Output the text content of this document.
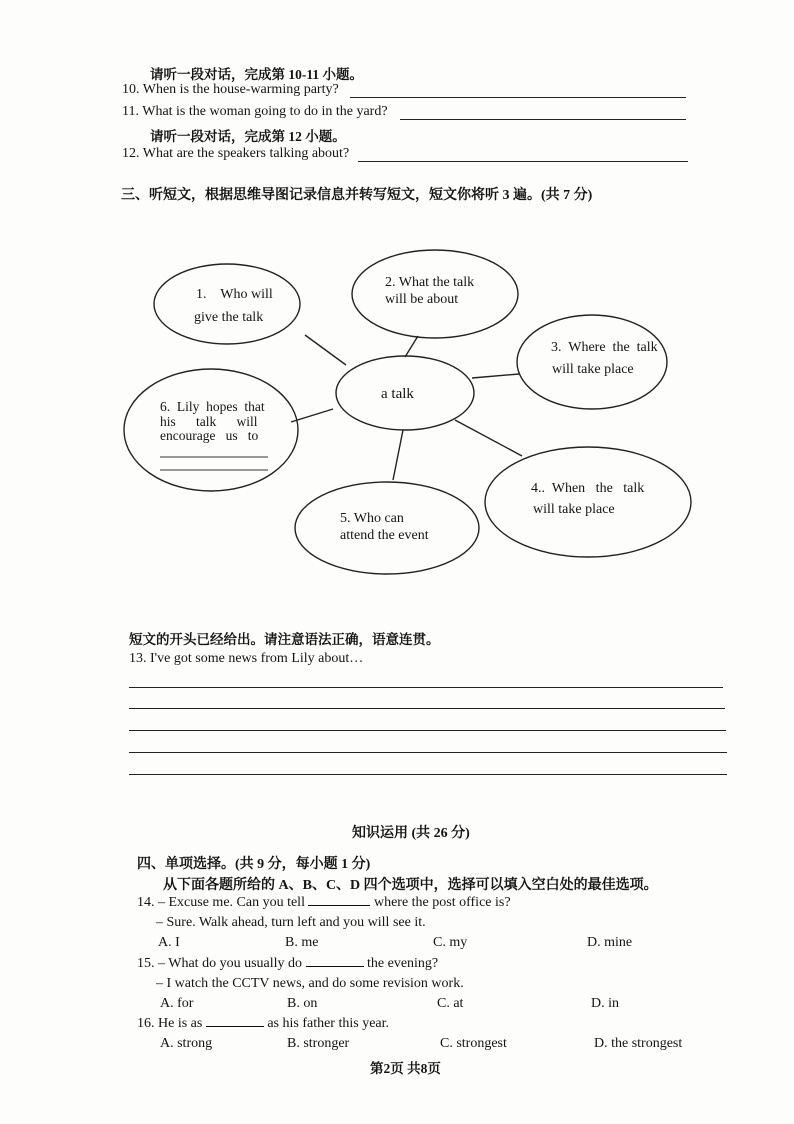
请听一段对话，完成第 10-11 小题。
10. When is the house-warming party?
11. What is the woman going to do in the yard?
请听一段对话，完成第 12 小题。
12. What are the speakers talking about?
三、听短文，根据思维导图记录信息并转写短文，短文你将听 3 遍。(共 7 分)
a talk
1.    Who will
give the talk
2. What the talk
will be about
3.  Where  the  talk
will take place
4..  When   the   talk
will take place
5. Who can
attend the event
6.  Lily  hopes  that
his      talk      will
encourage   us   to
短文的开头已经给出。请注意语法正确，语意连贯。
13. I've got some news from Lily about…
知识运用 (共 26 分)
四、单项选择。(共 9 分，每小题 1 分)
从下面各题所给的 A、B、C、D 四个选项中，选择可以填入空白处的最佳选项。
14. – Excuse me. Can you tell	where the post office is?
– Sure. Walk ahead, turn left and you will see it.
A. I	B. me	C. my	D. mine
15. – What do you usually do	the evening?
– I watch the CCTV news, and do some revision work.
A. for	B. on	C. at	D. in
16. He is as	as his father this year.
A. strong	B. stronger	C. strongest	D. the strongest
第2页 共8页
